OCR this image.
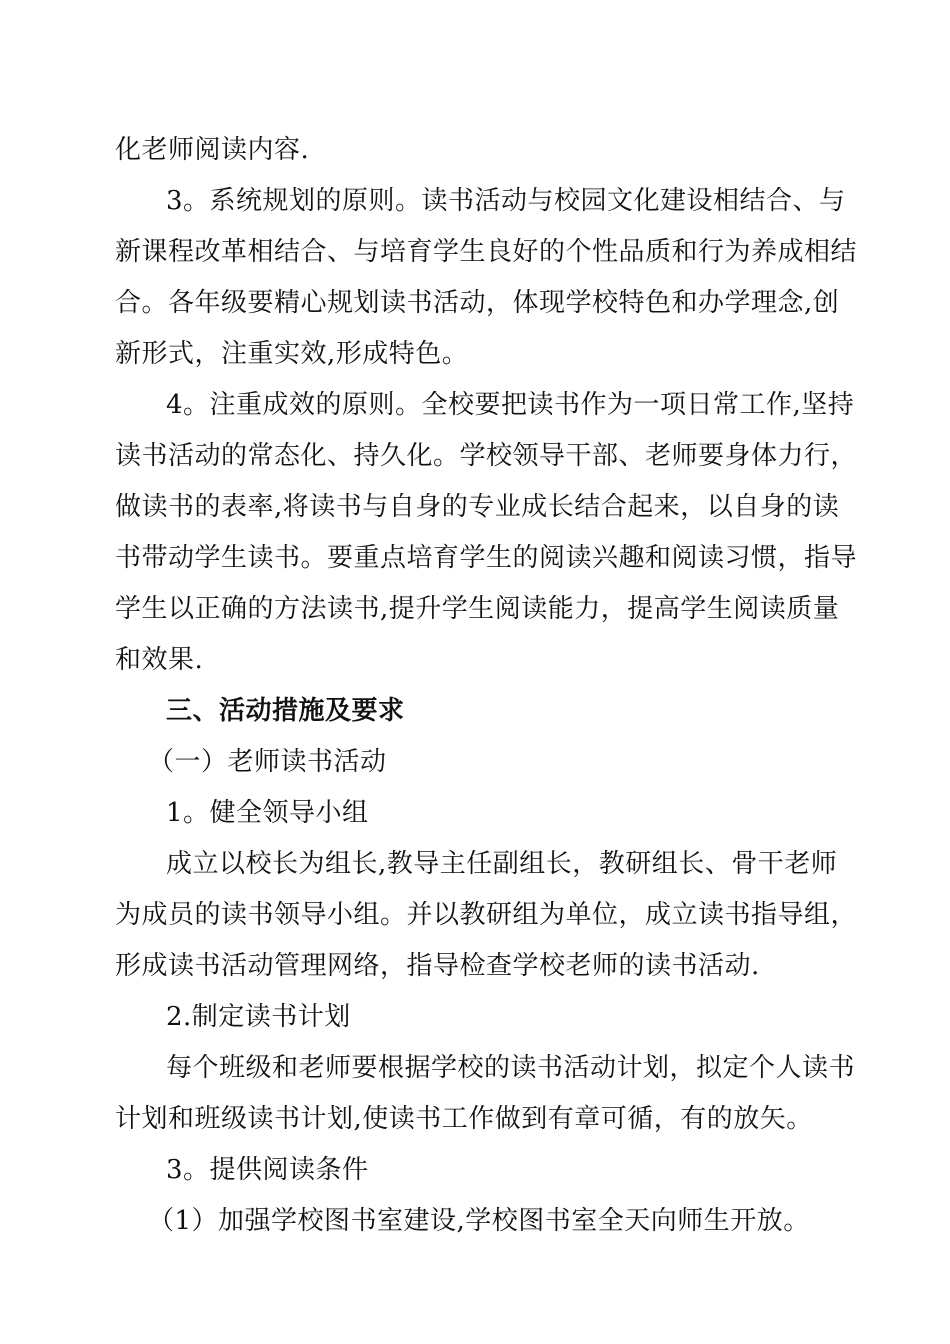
化老师阅读内容.
3。系统规划的原则。读书活动与校园文化建设相结合、与
新课程改革相结合、与培育学生良好的个性品质和行为养成相结
合。各年级要精心规划读书活动，体现学校特色和办学理念,创
新形式，注重实效,形成特色。
4。注重成效的原则。全校要把读书作为一项日常工作,坚持
读书活动的常态化、持久化。学校领导干部、老师要身体力行，
做读书的表率,将读书与自身的专业成长结合起来，以自身的读
书带动学生读书。要重点培育学生的阅读兴趣和阅读习惯，指导
学生以正确的方法读书,提升学生阅读能力，提高学生阅读质量
和效果.
三、活动措施及要求
（一）老师读书活动
1。健全领导小组
成立以校长为组长,教导主任副组长，教研组长、骨干老师
为成员的读书领导小组。并以教研组为单位，成立读书指导组，
形成读书活动管理网络，指导检查学校老师的读书活动.
2.制定读书计划
每个班级和老师要根据学校的读书活动计划，拟定个人读书
计划和班级读书计划,使读书工作做到有章可循，有的放矢。
3。提供阅读条件
（1）加强学校图书室建设,学校图书室全天向师生开放。
